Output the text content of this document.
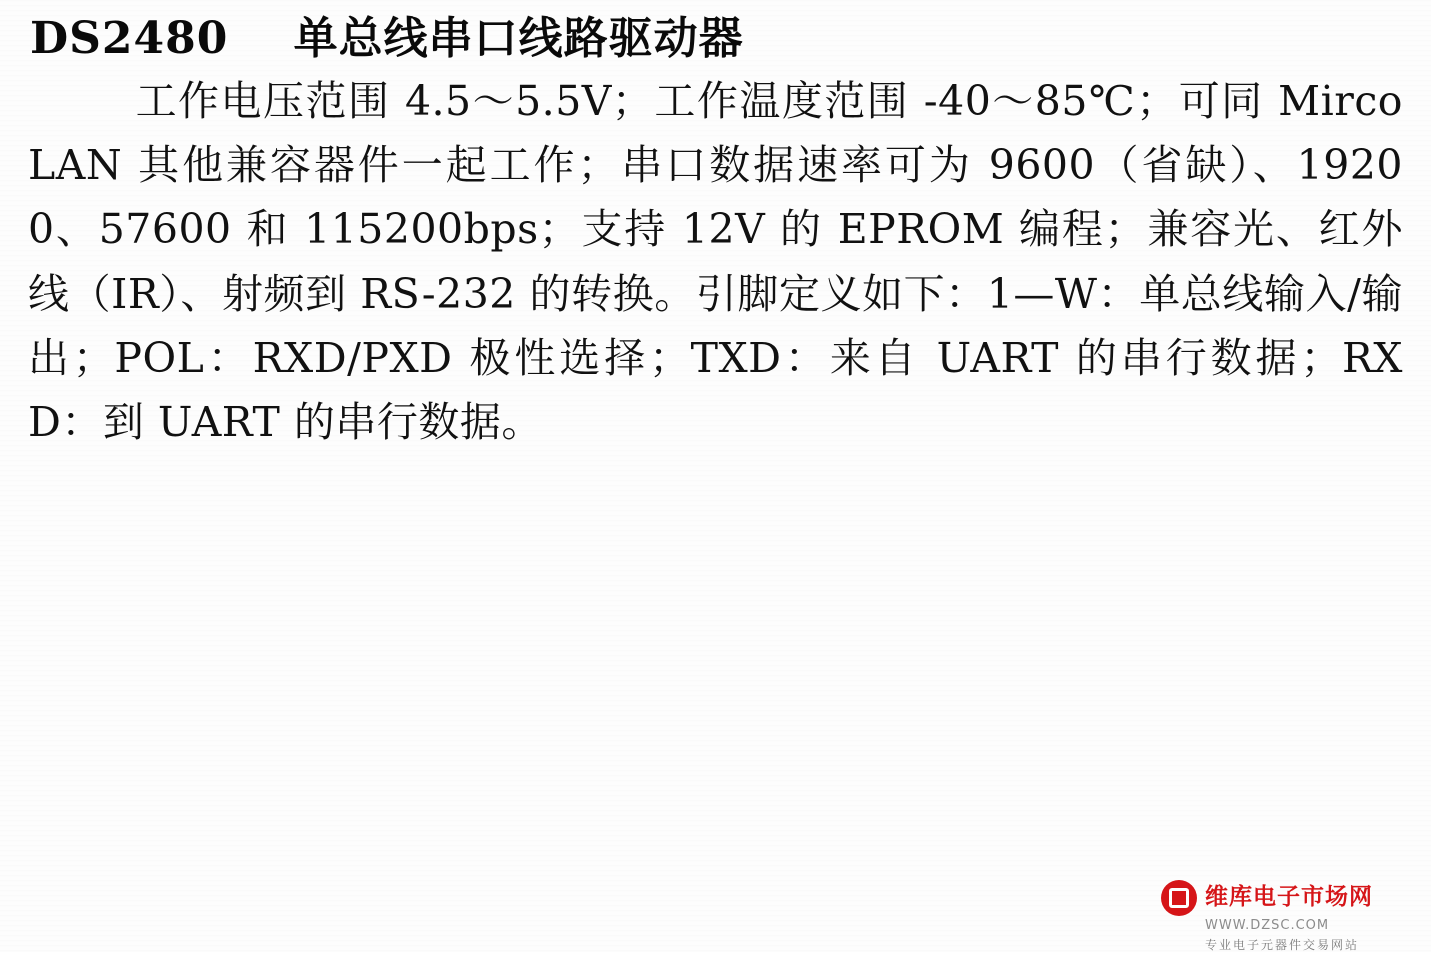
DS2480    单总线串口线路驱动器
工作电压范围 4.5～5.5V；工作温度范围 -40～85℃；可同 MircoLAN 其他兼容器件一起工作；串口数据速率可为 9600（省缺）、19200、57600 和 115200bps；支持 12V 的 EPROM 编程；兼容光、红外线（IR）、射频到 RS-232 的转换。引脚定义如下：1—W：单总线输入/输出；POL：RXD/PXD 极性选择；TXD：来自 UART 的串行数据；RXD：到 UART 的串行数据。
维库电子市场网
WWW.DZSC.COM
专业电子元器件交易网站
